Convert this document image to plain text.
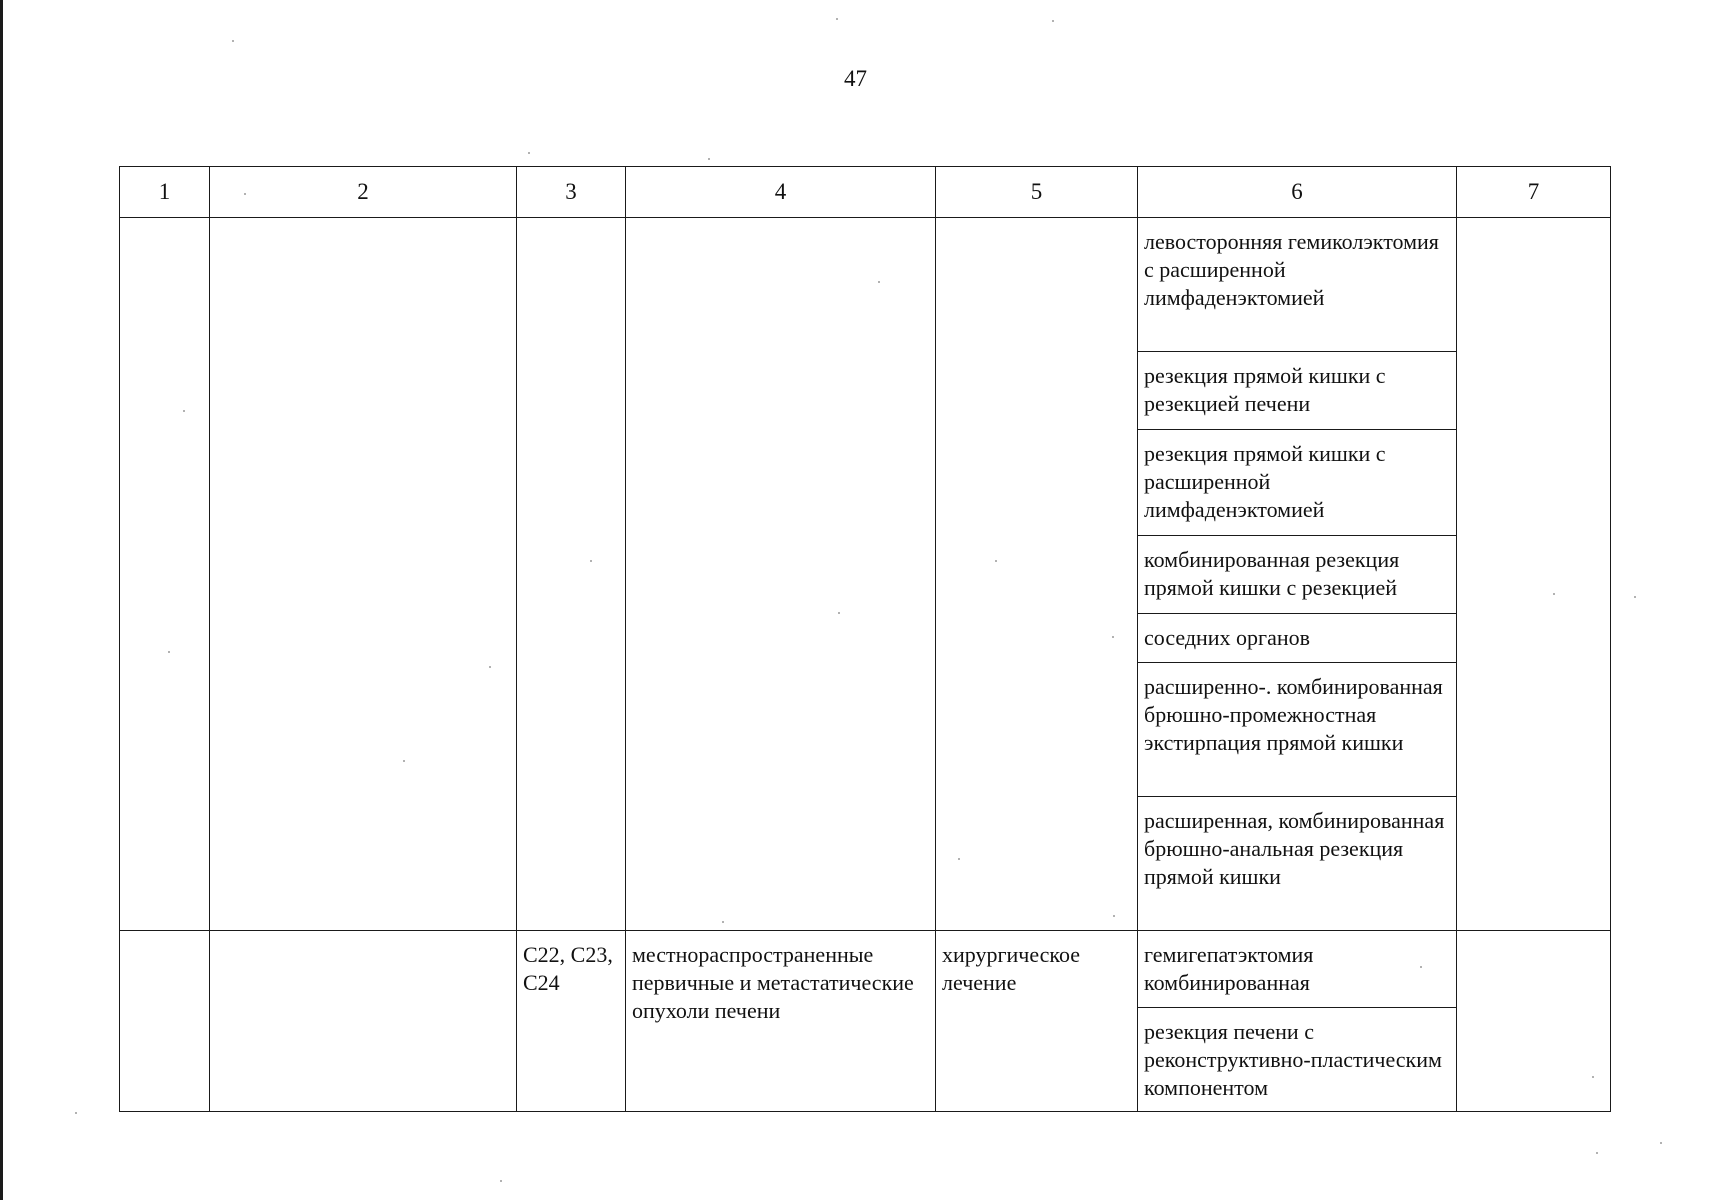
47
1	2	3	4	5	6	7
					левосторонняя гемиколэктомия с расширенной лимфаденэктомией	
					резекция прямой кишки с резекцией печени	
					резекция прямой кишки с расширенной лимфаденэктомией	
					комбинированная резекция прямой кишки с резекцией	
					соседних органов	
					расширенно-. комбинированная брюшно-промежностная экстирпация прямой кишки	
					расширенная, комбинированная брюшно-анальная резекция прямой кишки	
		С22, С23, С24	местнораспространенные первичные и метастатические опухоли печени	хирургическое лечение	гемигепатэктомия комбинированная	
					резекция печени с реконструктивно-пластическим компонентом	
